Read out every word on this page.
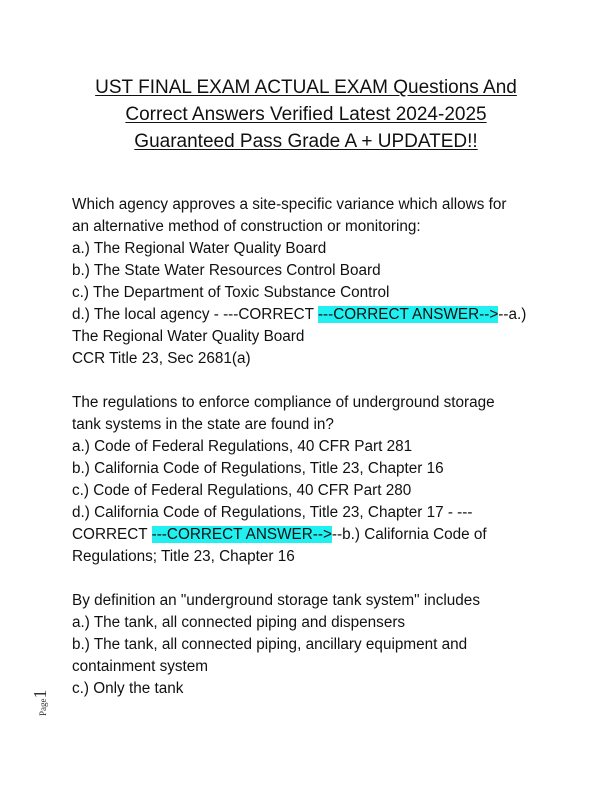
UST FINAL EXAM ACTUAL EXAM Questions And
Correct Answers Verified Latest 2024-2025
Guaranteed Pass Grade A + UPDATED!!

Which agency approves a site-specific variance which allows for

an alternative method of construction or monitoring:

a.) The Regional Water Quality Board

b.) The State Water Resources Control Board

c.) The Department of Toxic Substance Control

d.) The local agency - ---CORRECT ---CORRECT ANSWER-->--a.)

The Regional Water Quality Board

CCR Title 23, Sec 2681(a)

The regulations to enforce compliance of underground storage

tank systems in the state are found in?

a.) Code of Federal Regulations, 40 CFR Part 281

b.) California Code of Regulations, Title 23, Chapter 16

c.) Code of Federal Regulations, 40 CFR Part 280

d.) California Code of Regulations, Title 23, Chapter 17 - ---

CORRECT ---CORRECT ANSWER-->--b.) California Code of

Regulations; Title 23, Chapter 16

By definition an "underground storage tank system" includes

a.) The tank, all connected piping and dispensers

b.) The tank, all connected piping, ancillary equipment and

containment system

c.) Only the tank

Page1
